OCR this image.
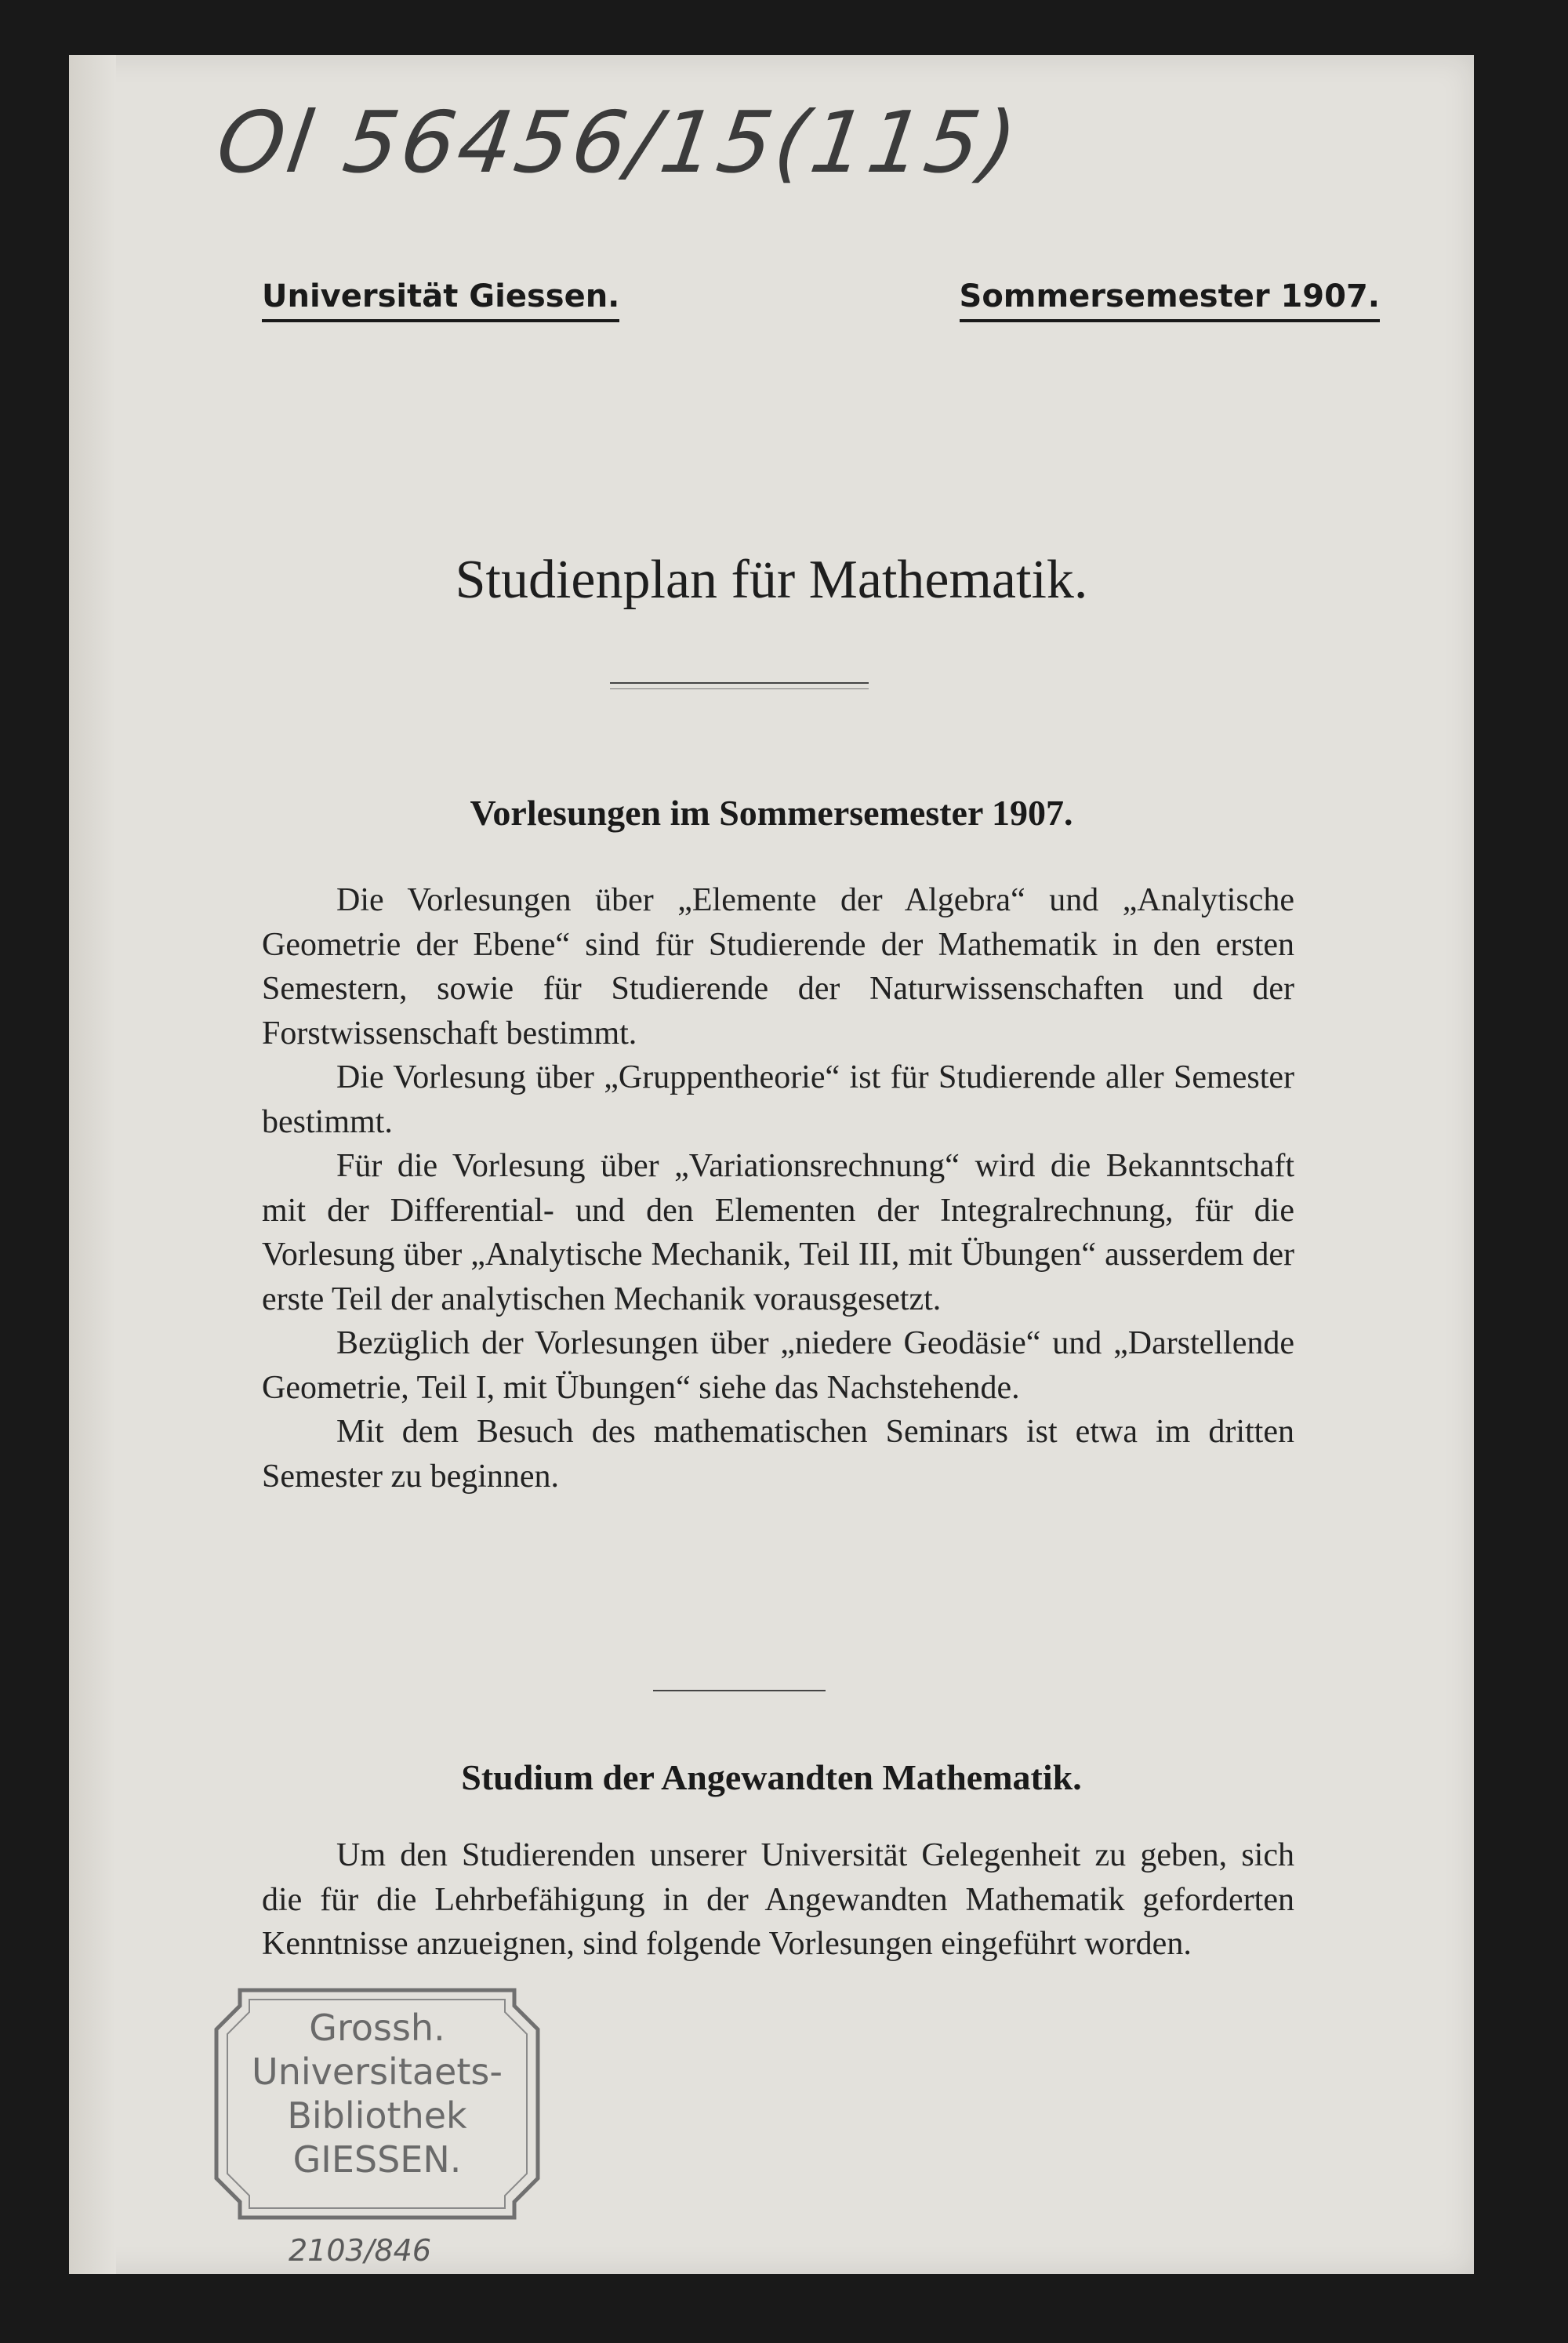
Ol 56456/15(115)
Universität Giessen.	Sommersemester 1907.
Studienplan für Mathematik.
Vorlesungen im Sommersemester 1907.

Die Vorlesungen über „Elemente der Algebra“ und „Analytische Geometrie der Ebene“ sind für Studierende der Mathematik in den ersten Semestern, sowie für Studierende der Naturwissenschaften und der Forstwissenschaft bestimmt.

Die Vorlesung über „Gruppentheorie“ ist für Studierende aller Semester bestimmt.

Für die Vorlesung über „Variationsrechnung“ wird die Bekanntschaft mit der Differential- und den Elementen der Integralrechnung, für die Vorlesung über „Analytische Mechanik, Teil III, mit Übungen“ ausserdem der erste Teil der analytischen Mechanik vorausgesetzt.

Bezüglich der Vorlesungen über „niedere Geodäsie“ und „Darstellende Geometrie, Teil I, mit Übungen“ siehe das Nachstehende.

Mit dem Besuch des mathematischen Seminars ist etwa im dritten Semester zu beginnen.

Studium der Angewandten Mathematik.

Um den Studierenden unserer Universität Gelegenheit zu geben, sich die für die Lehrbefähigung in der Angewandten Mathematik geforderten Kenntnisse anzueignen, sind folgende Vorlesungen eingeführt worden.

Grossh.
Universitaets-
Bibliothek
GIESSEN.
2103/846
